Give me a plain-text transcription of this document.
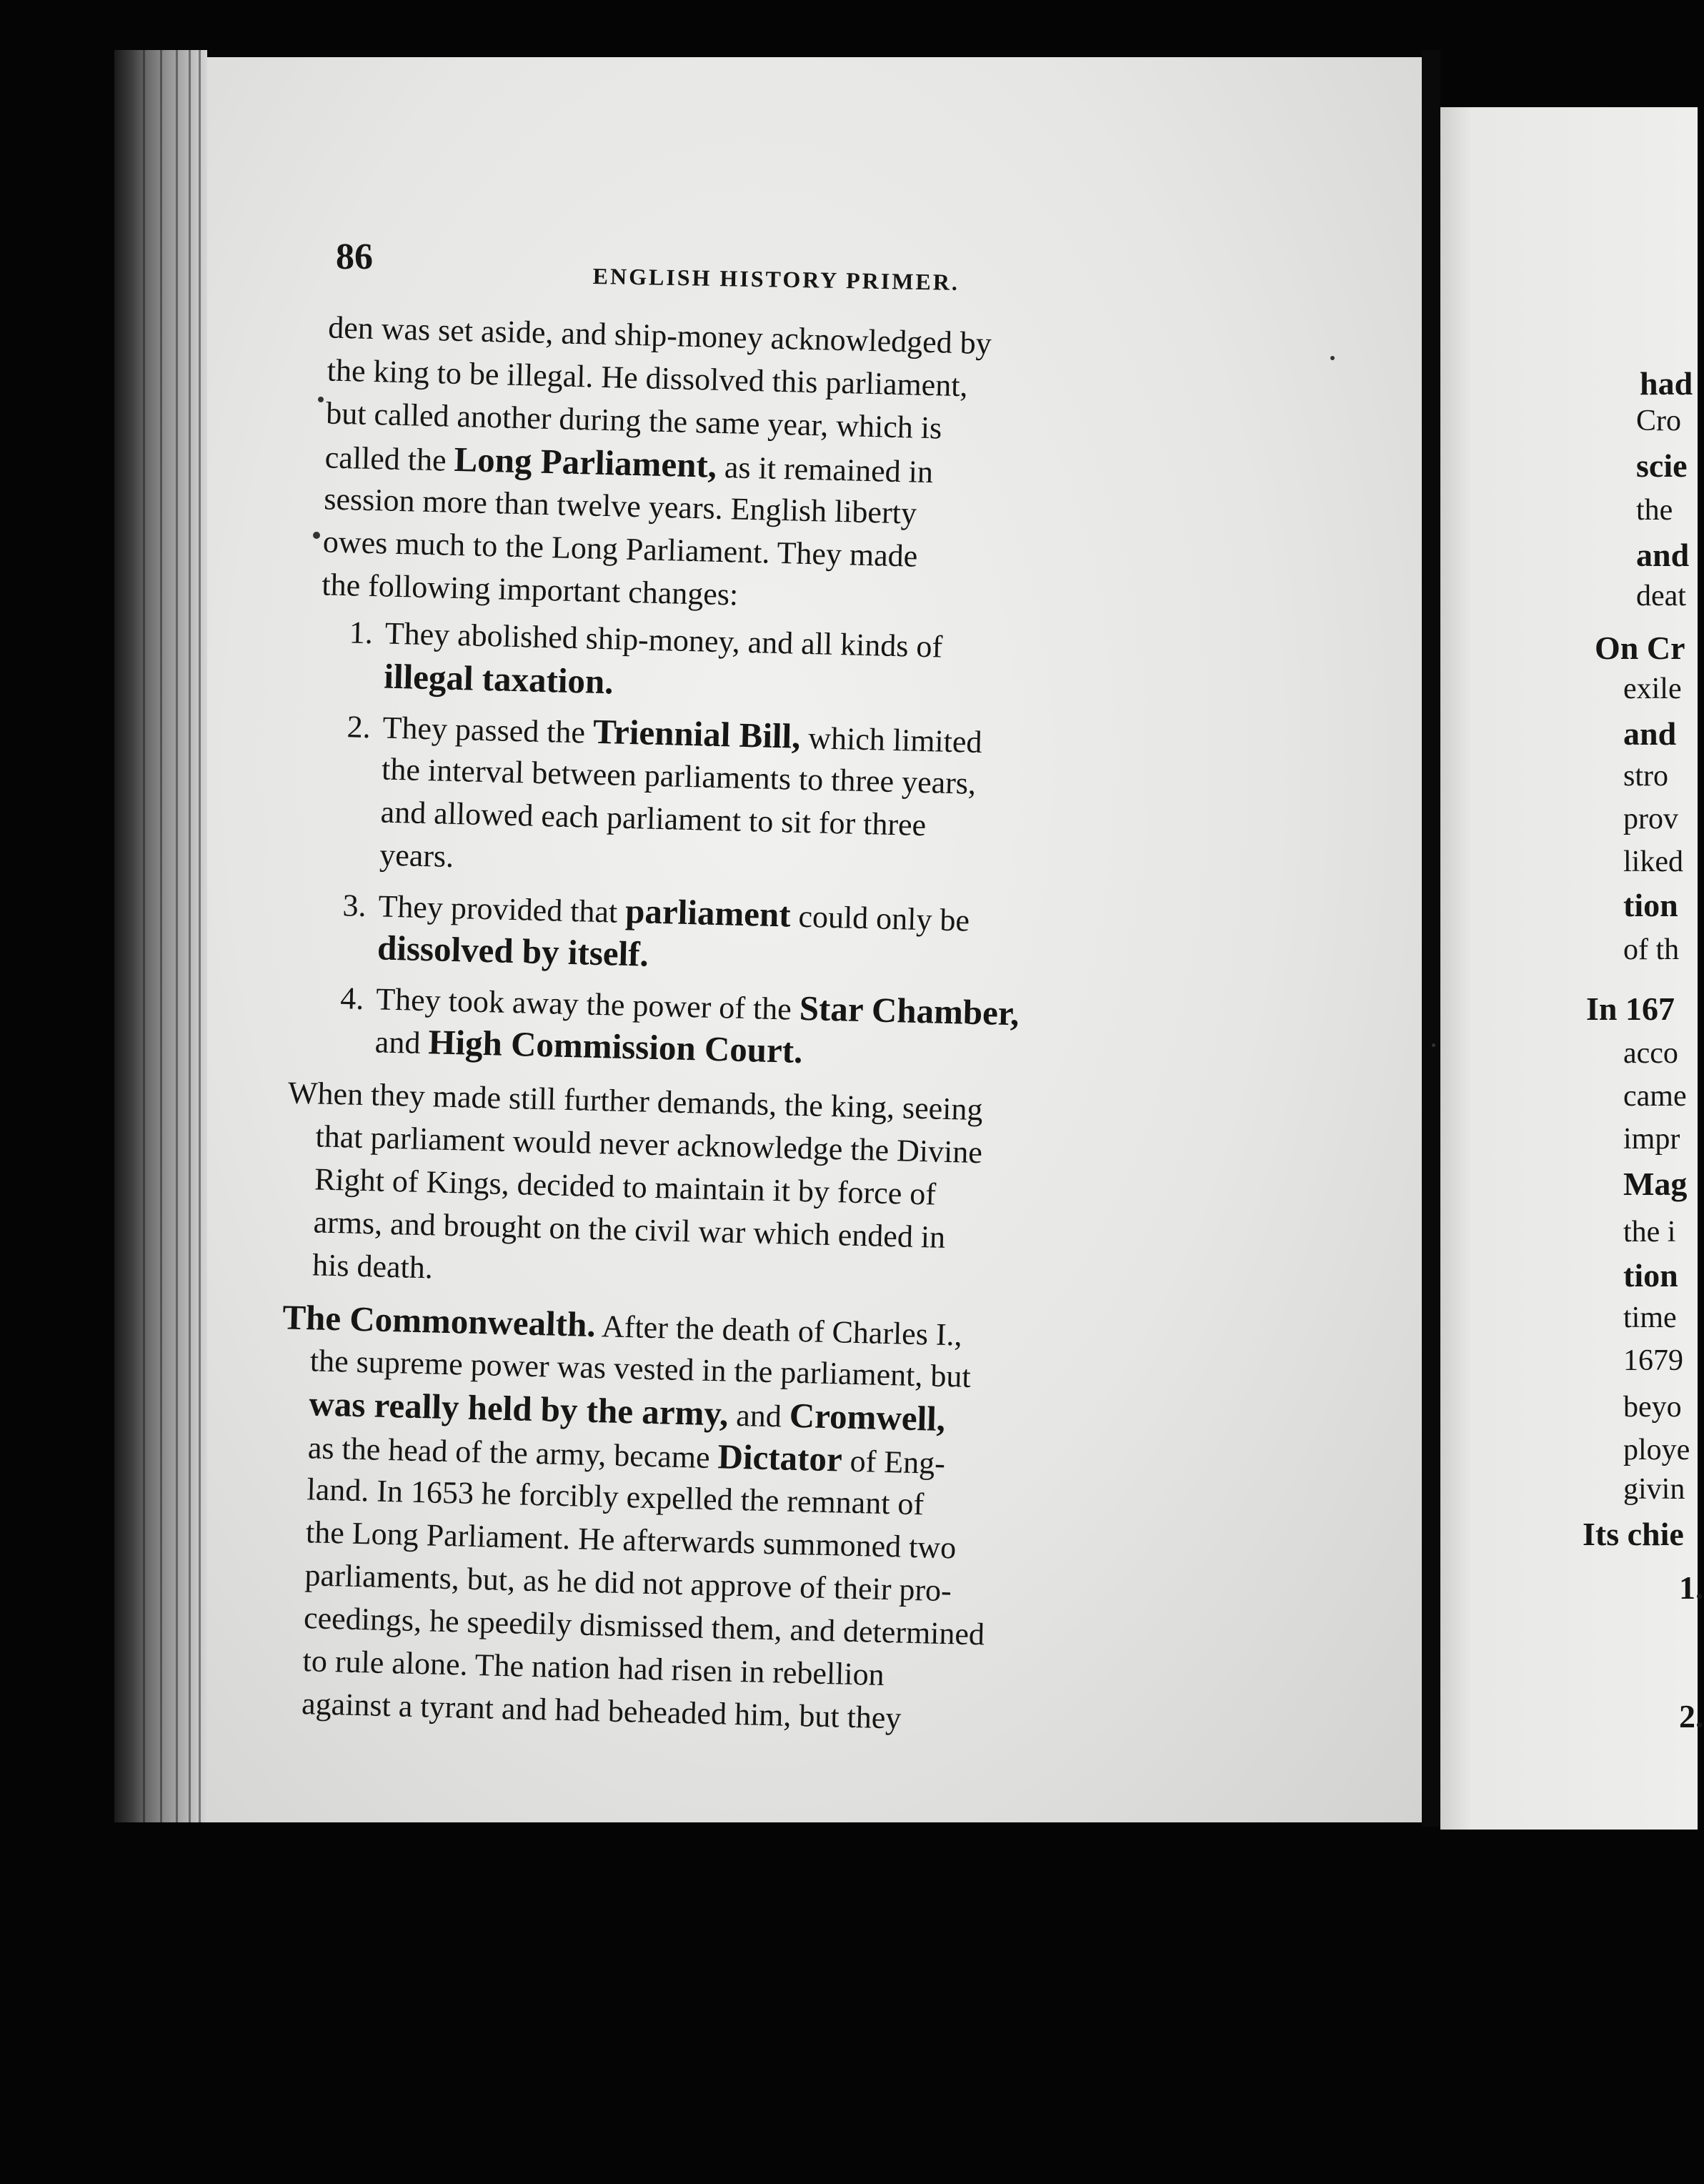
86
ENGLISH HISTORY PRIMER.
den was set aside, and ship-money acknowledged by
the king to be illegal. He dissolved this parliament,
but called another during the same year, which is
called the Long Parliament, as it remained in
session more than twelve years. English liberty
owes much to the Long Parliament. They made
the following important changes:
1. They abolished ship-money, and all kinds of
illegal taxation.
2. They passed the Triennial Bill, which limited
the interval between parliaments to three years,
and allowed each parliament to sit for three
years.
3. They provided that parliament could only be
dissolved by itself.
4. They took away the power of the Star Chamber,
and High Commission Court.
When they made still further demands, the king, seeing
that parliament would never acknowledge the Divine
Right of Kings, decided to maintain it by force of
arms, and brought on the civil war which ended in
his death.
The Commonwealth. After the death of Charles I.,
the supreme power was vested in the parliament, but
was really held by the army, and Cromwell,
as the head of the army, became Dictator of Eng-
land. In 1653 he forcibly expelled the remnant of
the Long Parliament. He afterwards summoned two
parliaments, but, as he did not approve of their pro-
ceedings, he speedily dismissed them, and determined
to rule alone. The nation had risen in rebellion
against a tyrant and had beheaded him, but they
had
Cro
scie
the
and
deat
On Cr
exile
and
stro
prov
liked
tion
of th
In 167
acco
came
impr
Mag
the i
tion
time
1679
beyo
ploye
givin
Its chie
1.
2.
